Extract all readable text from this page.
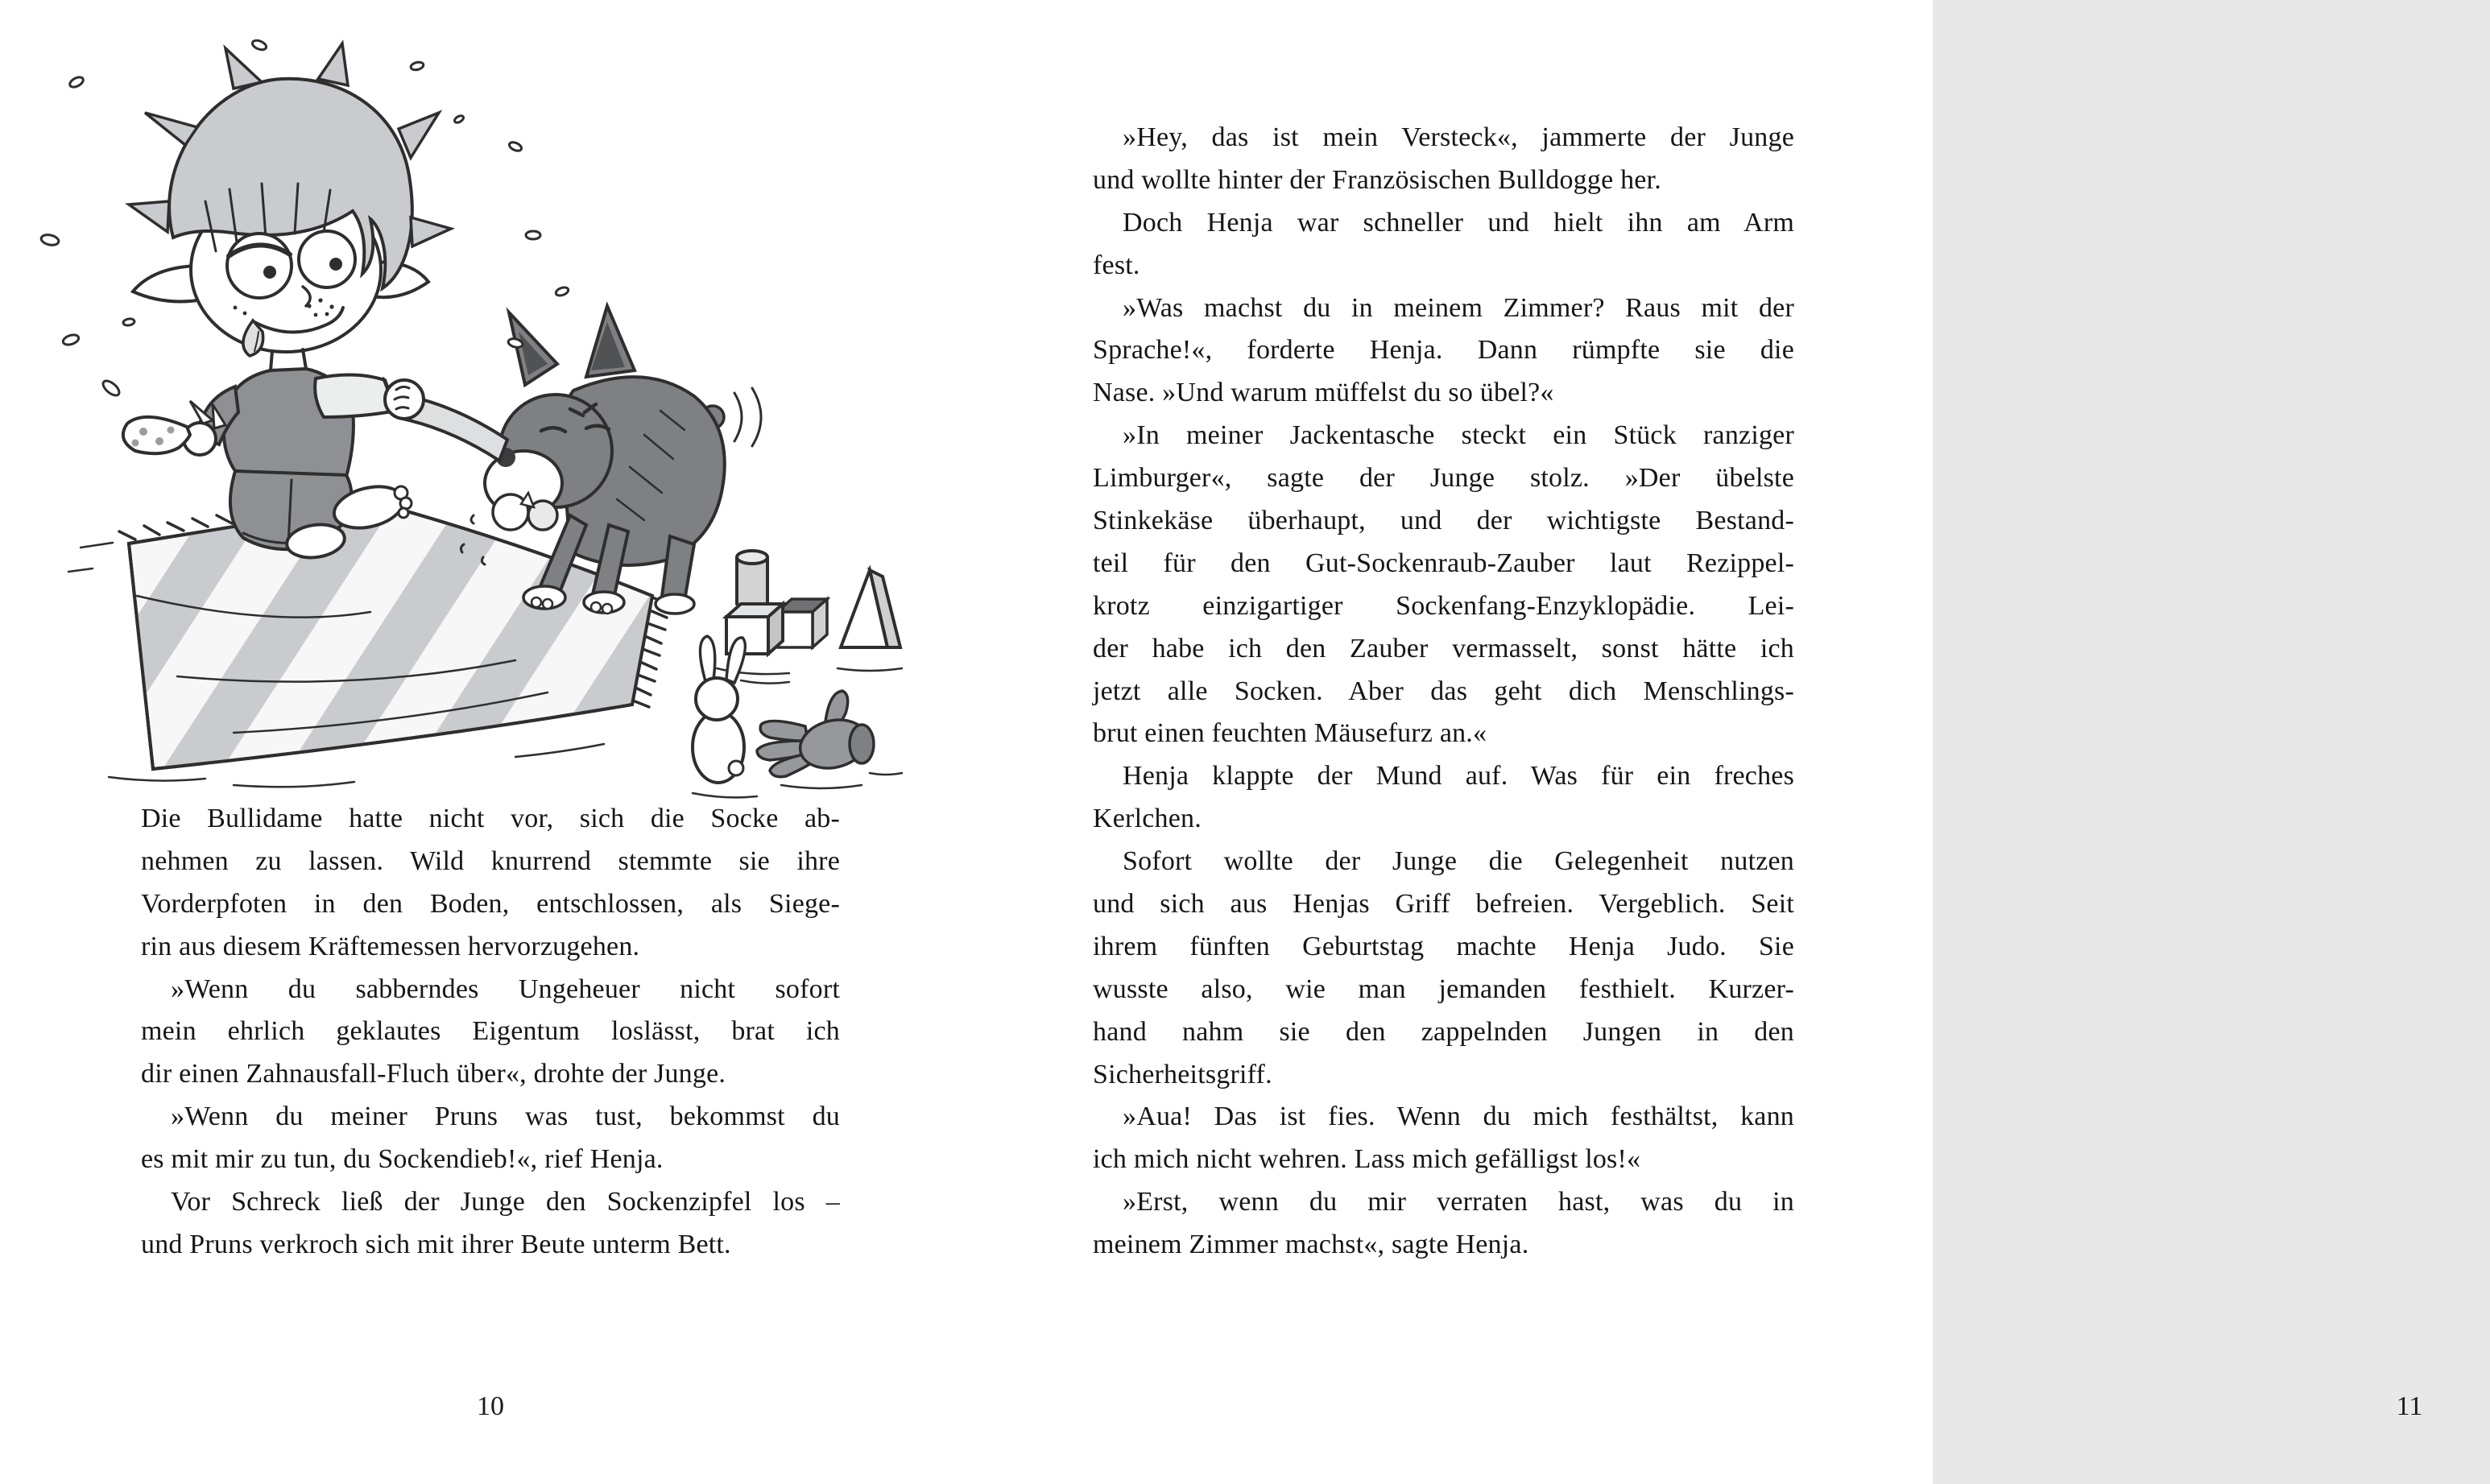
Die Bullidame hatte nicht vor, sich die Socke ab-
nehmen zu lassen. Wild knurrend stemmte sie ihre
Vorderpfoten in den Boden, entschlossen, als Siege-
rin aus diesem Kräftemessen hervorzugehen.
»Wenn du sabberndes Ungeheuer nicht sofort
mein ehrlich geklautes Eigentum loslässt, brat ich
dir einen Zahnausfall-Fluch über«, drohte der Junge.
»Wenn du meiner Pruns was tust, bekommst du
es mit mir zu tun, du Sockendieb!«, rief Henja.
Vor Schreck ließ der Junge den Sockenzipfel los –
und Pruns verkroch sich mit ihrer Beute unterm Bett.
10
»Hey, das ist mein Versteck«, jammerte der Junge
und wollte hinter der Französischen Bulldogge her.
Doch Henja war schneller und hielt ihn am Arm
fest.
»Was machst du in meinem Zimmer? Raus mit der
Sprache!«, forderte Henja. Dann rümpfte sie die
Nase. »Und warum müffelst du so übel?«
»In meiner Jackentasche steckt ein Stück ranziger
Limburger«, sagte der Junge stolz. »Der übelste
Stinkekäse überhaupt, und der wichtigste Bestand-
teil für den Gut-Sockenraub-Zauber laut Rezippel-
krotz einzigartiger Sockenfang-Enzyklopädie. Lei-
der habe ich den Zauber vermasselt, sonst hätte ich
jetzt alle Socken. Aber das geht dich Menschlings-
brut einen feuchten Mäusefurz an.«
Henja klappte der Mund auf. Was für ein freches
Kerlchen.
Sofort wollte der Junge die Gelegenheit nutzen
und sich aus Henjas Griff befreien. Vergeblich. Seit
ihrem fünften Geburtstag machte Henja Judo. Sie
wusste also, wie man jemanden festhielt. Kurzer-
hand nahm sie den zappelnden Jungen in den
Sicherheitsgriff.
»Aua! Das ist fies. Wenn du mich festhältst, kann
ich mich nicht wehren. Lass mich gefälligst los!«
»Erst, wenn du mir verraten hast, was du in
meinem Zimmer machst«, sagte Henja.
11
